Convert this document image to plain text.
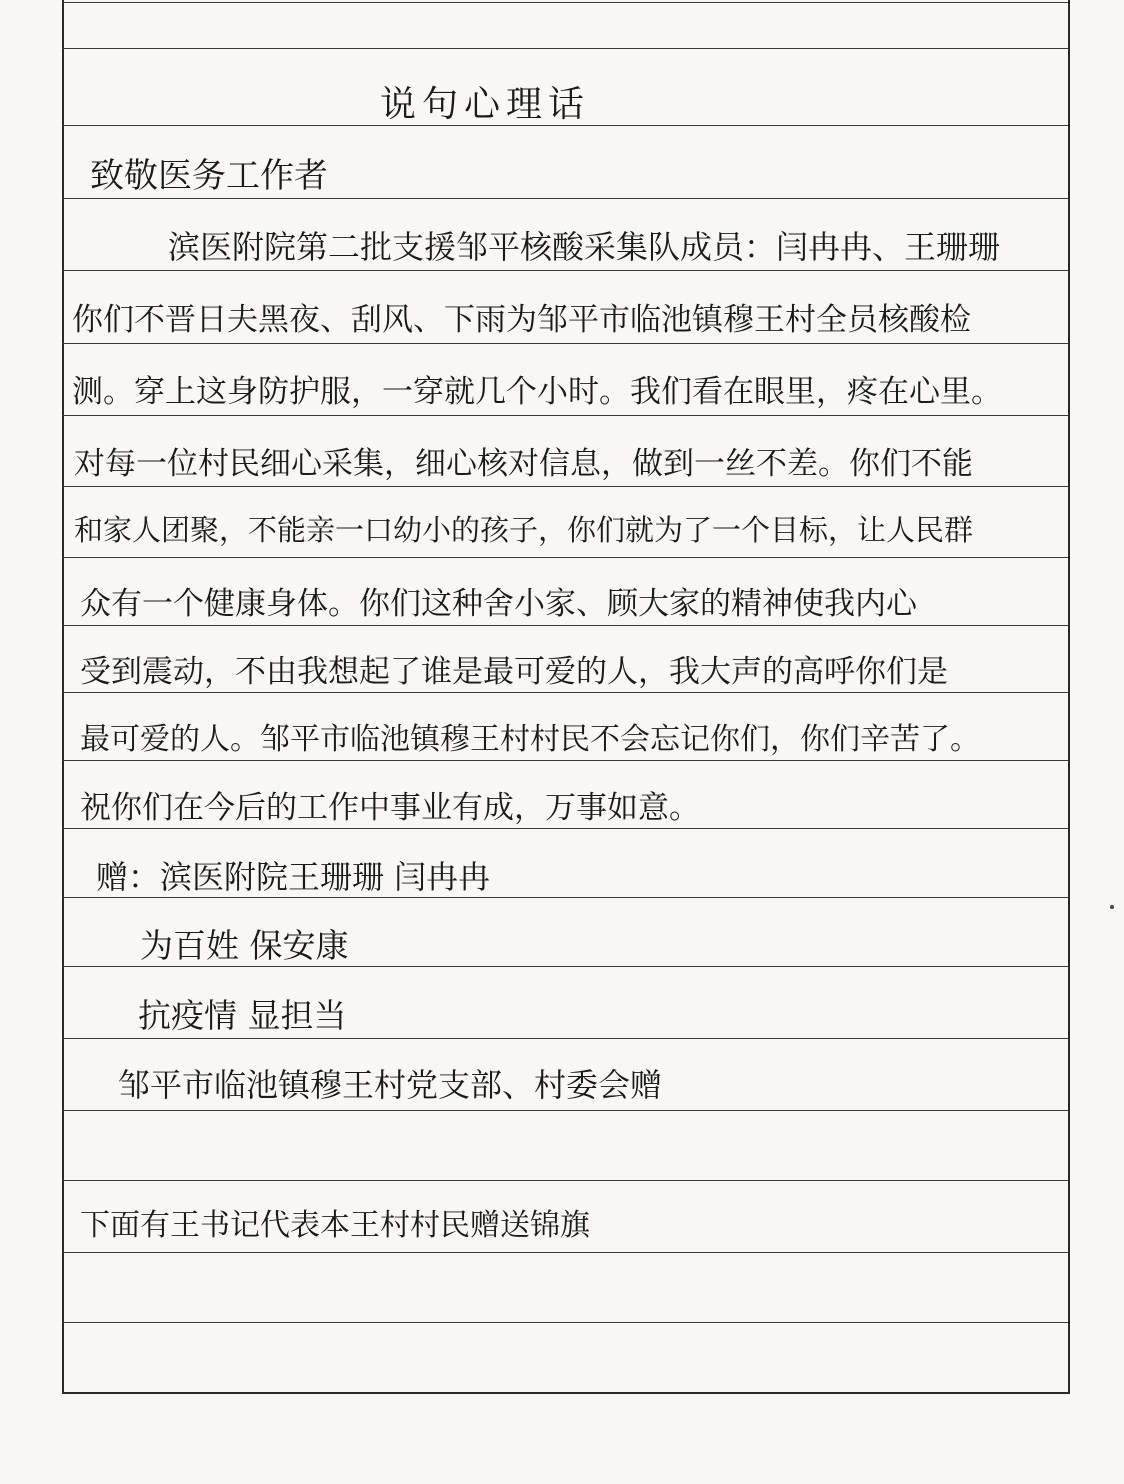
说句心理话
致敬医务工作者
滨医附院第二批支援邹平核酸采集队成员：闫冉冉、王珊珊
你们不晋日夫黑夜、刮风、下雨为邹平市临池镇穆王村全员核酸检
测。穿上这身防护服，一穿就几个小时。我们看在眼里，疼在心里。
对每一位村民细心采集，细心核对信息，做到一丝不差。你们不能
和家人团聚，不能亲一口幼小的孩子，你们就为了一个目标，让人民群
众有一个健康身体。你们这种舍小家、顾大家的精神使我内心
受到震动，不由我想起了谁是最可爱的人，我大声的高呼你们是
最可爱的人。邹平市临池镇穆王村村民不会忘记你们，你们辛苦了。
祝你们在今后的工作中事业有成，万事如意。
赠：滨医附院王珊珊 闫冉冉
为百姓 保安康
抗疫情 显担当
邹平市临池镇穆王村党支部、村委会赠
下面有王书记代表本王村村民赠送锦旗
